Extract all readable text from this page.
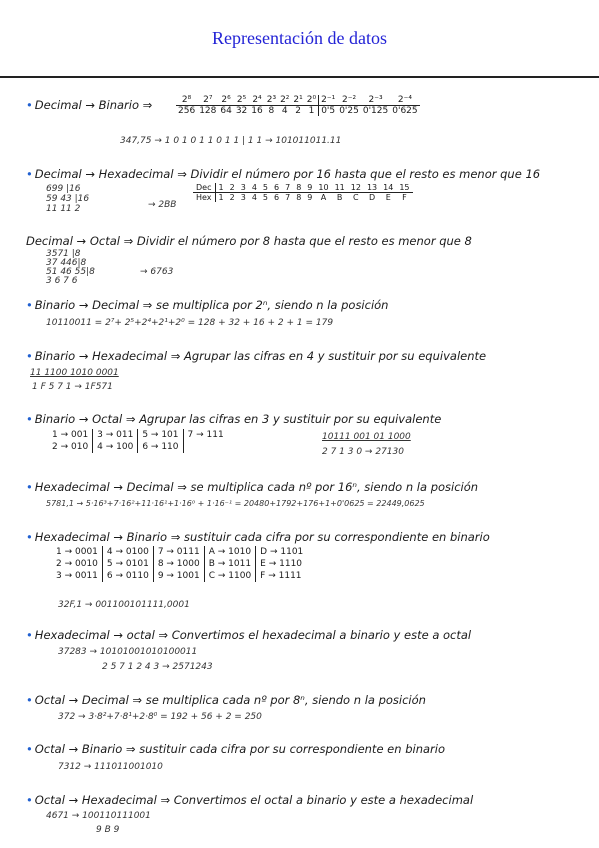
Representación de datos
• Decimal → Binario ⇒	2⁸	2⁷	2⁶	2⁵	2⁴	2³	2²	2¹	2⁰	2⁻¹	2⁻²	2⁻³	2⁻⁴
256	128	64	32	16	8	4	2	1	0'5	0'25	0'125	0'625
347,75 → 1 0 1 0 1 1 0 1 1 | 1 1 → 101011011.11
• Decimal → Hexadecimal ⇒ Dividir el número por 16 hasta que el resto es menor que 16
699 |16
59 43 |16
11 11 2	→ 2BB
Dec	1	2	3	4	5	6	7	8	9	10	11	12	13	14	15
Hex	1	2	3	4	5	6	7	8	9	A	B	C	D	E	F
Decimal → Octal ⇒ Dividir el número por 8 hasta que el resto es menor que 8
3571 |8
37 446|8
51 46 55|8
3 6 7 6
→ 6763
• Binario → Decimal ⇒ se multiplica por 2ⁿ, siendo n la posición
10110011 = 2⁷+ 2⁵+2⁴+2¹+2⁰ = 128 + 32 + 16 + 2 + 1 = 179
• Binario → Hexadecimal ⇒ Agrupar las cifras en 4 y sustituir por su equivalente
11 1100 1010 0001
1 F 5 7 1 → 1F571
• Binario → Octal ⇒ Agrupar las cifras en 3 y sustituir por su equivalente
1 → 001	3 → 011	5 → 101	7 → 111
2 → 010	4 → 100	6 → 110	
10111 001 01 1000
2 7 1 3 0 → 27130
• Hexadecimal → Decimal ⇒ se multiplica cada nº por 16ⁿ, siendo n la posición
5781,1 → 5·16³+7·16²+11·16¹+1·16⁰ + 1·16⁻¹ = 20480+1792+176+1+0'0625 = 22449,0625
• Hexadecimal → Binario ⇒ sustituir cada cifra por su correspondiente en binario
1 → 0001	4 → 0100	7 → 0111	A → 1010	D → 1101
2 → 0010	5 → 0101	8 → 1000	B → 1011	E → 1110
3 → 0011	6 → 0110	9 → 1001	C → 1100	F → 1111
32F,1 → 001100101111,0001
• Hexadecimal → octal ⇒ Convertimos el hexadecimal a binario y este a octal
37283 → 10101001010100011
2 5 7 1 2 4 3 → 2571243
• Octal → Decimal ⇒ se multiplica cada nº por 8ⁿ, siendo n la posición
372 → 3·8²+7·8¹+2·8⁰ = 192 + 56 + 2 = 250
• Octal → Binario ⇒ sustituir cada cifra por su correspondiente en binario
7312 → 111011001010
• Octal → Hexadecimal ⇒ Convertimos el octal a binario y este a hexadecimal
4671 → 100110111001
9 B 9
